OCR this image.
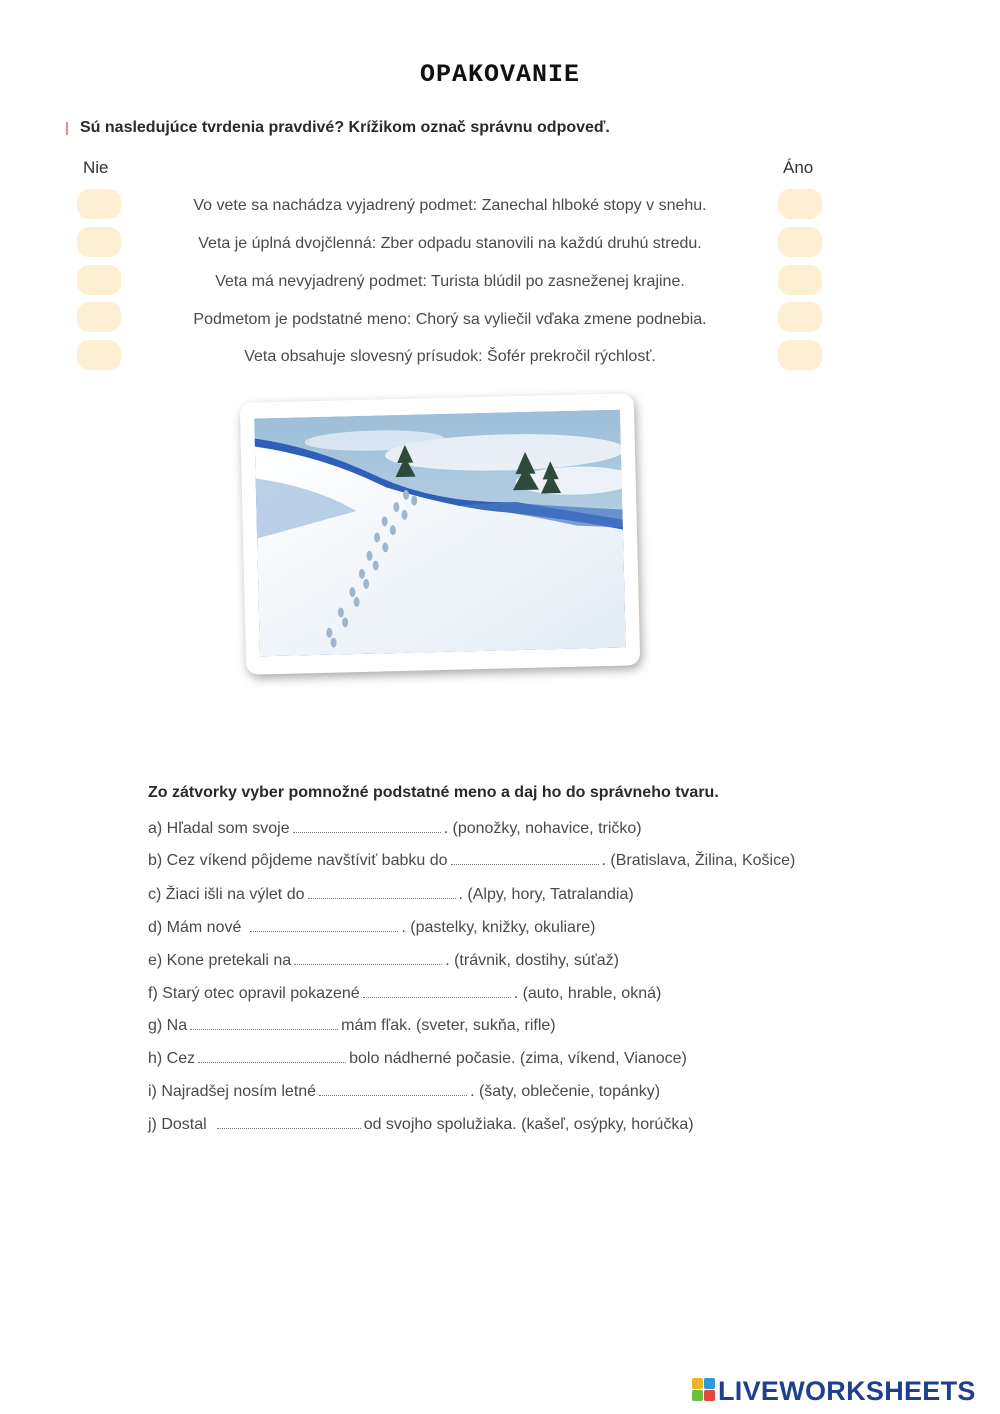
OPAKOVANIE
Sú nasledujúce tvrdenia pravdivé? Krížikom označ správnu odpoveď.
Nie	Áno
Vo vete sa nachádza vyjadrený podmet: Zanechal hlboké stopy v snehu.
Veta je úplná dvojčlenná: Zber odpadu stanovili na každú druhú stredu.
Veta má nevyjadrený podmet: Turista blúdil po zasneženej krajine.
Podmetom je podstatné meno: Chorý sa vyliečil vďaka zmene podnebia.
Veta obsahuje slovesný prísudok: Šofér prekročil rýchlosť.
Zo zátvorky vyber pomnožné podstatné meno a daj ho do správneho tvaru.
a) Hľadal som svoje	. (ponožky, nohavice, tričko)
b) Cez víkend pôjdeme navštíviť babku do	. (Bratislava, Žilina, Košice)
c) Žiaci išli na výlet do	. (Alpy, hory, Tatralandia)
d) Mám nové	. (pastelky, knižky, okuliare)
e) Kone pretekali na	. (trávnik, dostihy, súťaž)
f) Starý otec opravil pokazené	. (auto, hrable, okná)
g) Na	mám fľak. (sveter, sukňa, rifle)
h) Cez	bolo nádherné počasie. (zima, víkend, Vianoce)
i) Najradšej nosím letné	. (šaty, oblečenie, topánky)
j) Dostal	od svojho spolužiaka. (kašeľ, osýpky, horúčka)
LIVEWORKSHEETS
